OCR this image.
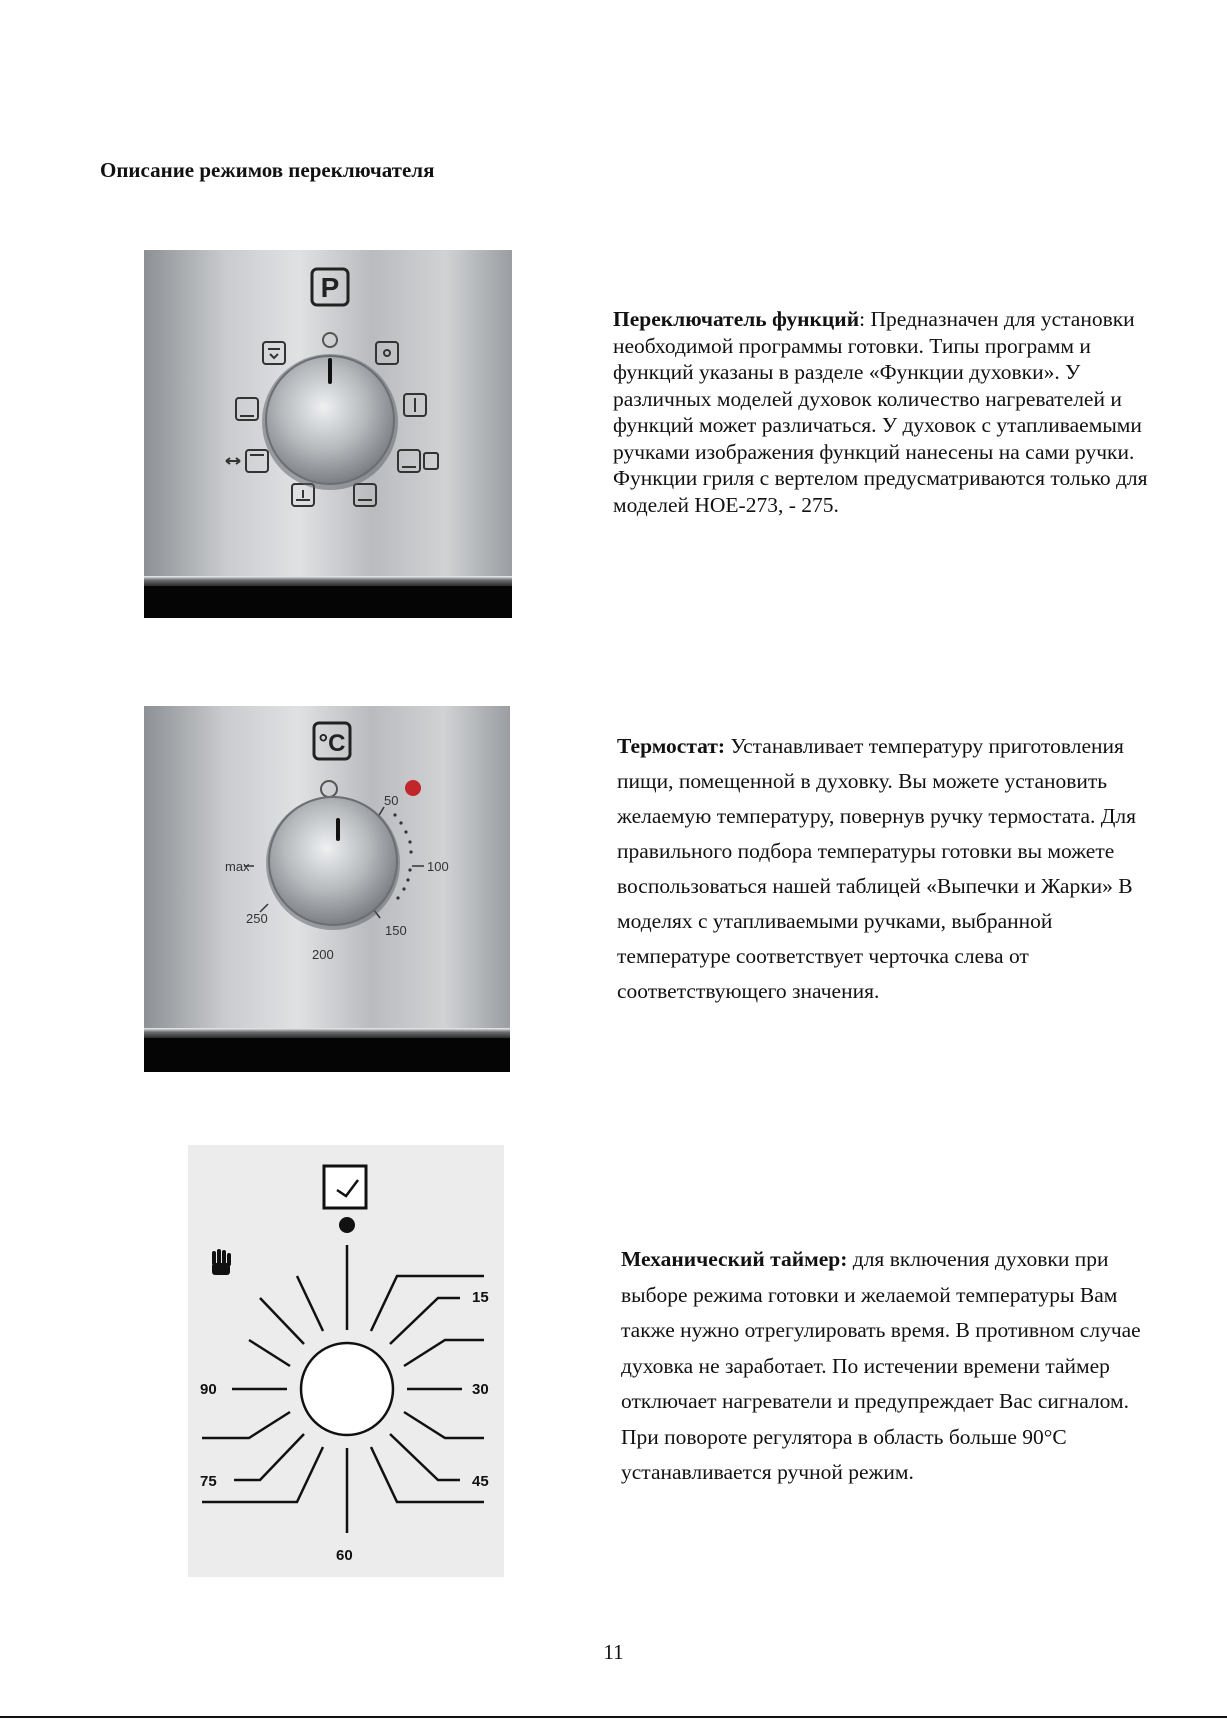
Описание режимов переключателя
P

Переключатель функций: Предназначен для установки необходимой программы готовки. Типы программ и функций указаны в разделе «Функции духовки». У различных моделей духовок количество нагревателей и функций может различаться. У духовок с утапливаемыми ручками изображения функций нанесены на сами ручки. Функции гриля с вертелом предусматриваются только для моделей НОЕ-273, - 275.

°C
50
100
150
200
250
max

Термостат: Устанавливает температуру приготовления пищи, помещенной в духовку. Вы можете установить желаемую температуру, повернув ручку термостата. Для правильного подбора температуры готовки вы можете воспользоваться нашей таблицей «Выпечки и Жарки» В моделях с утапливаемыми ручками, выбранной температуре соответствует черточка слева от соответствующего значения.

15
30
45
60
75
90

Механический таймер: для включения духовки при выборе режима готовки и желаемой температуры Вам также нужно отрегулировать время. В противном случае духовка не заработает. По истечении времени таймер отключает нагреватели и предупреждает Вас сигналом. При повороте регулятора в область больше 90°С устанавливается ручной режим.

11
